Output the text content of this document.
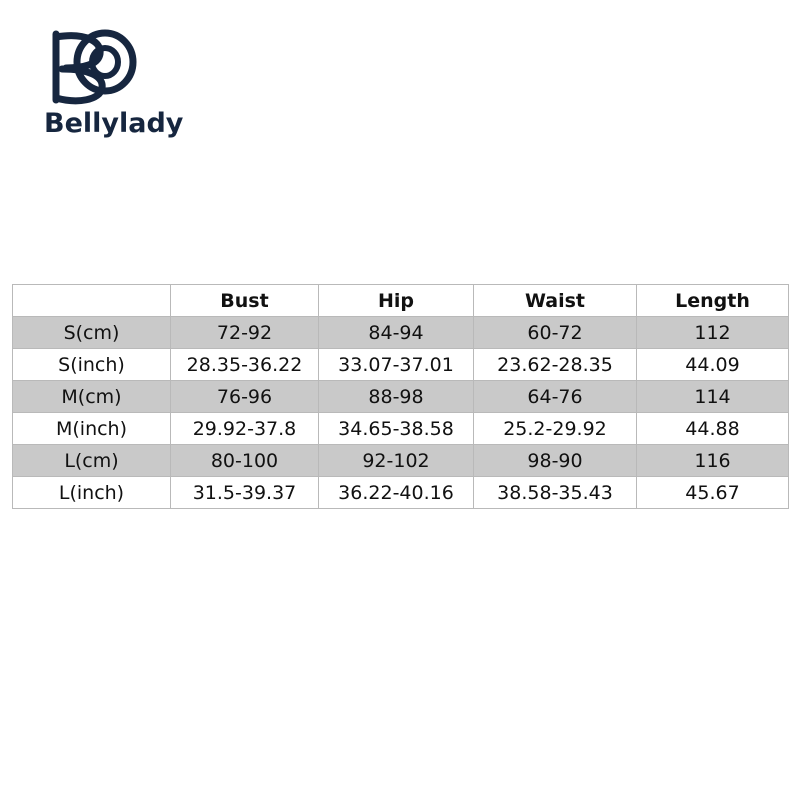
Bellylady
	Bust	Hip	Waist	Length
S(cm)	72-92	84-94	60-72	112
S(inch)	28.35-36.22	33.07-37.01	23.62-28.35	44.09
M(cm)	76-96	88-98	64-76	114
M(inch)	29.92-37.8	34.65-38.58	25.2-29.92	44.88
L(cm)	80-100	92-102	98-90	116
L(inch)	31.5-39.37	36.22-40.16	38.58-35.43	45.67
